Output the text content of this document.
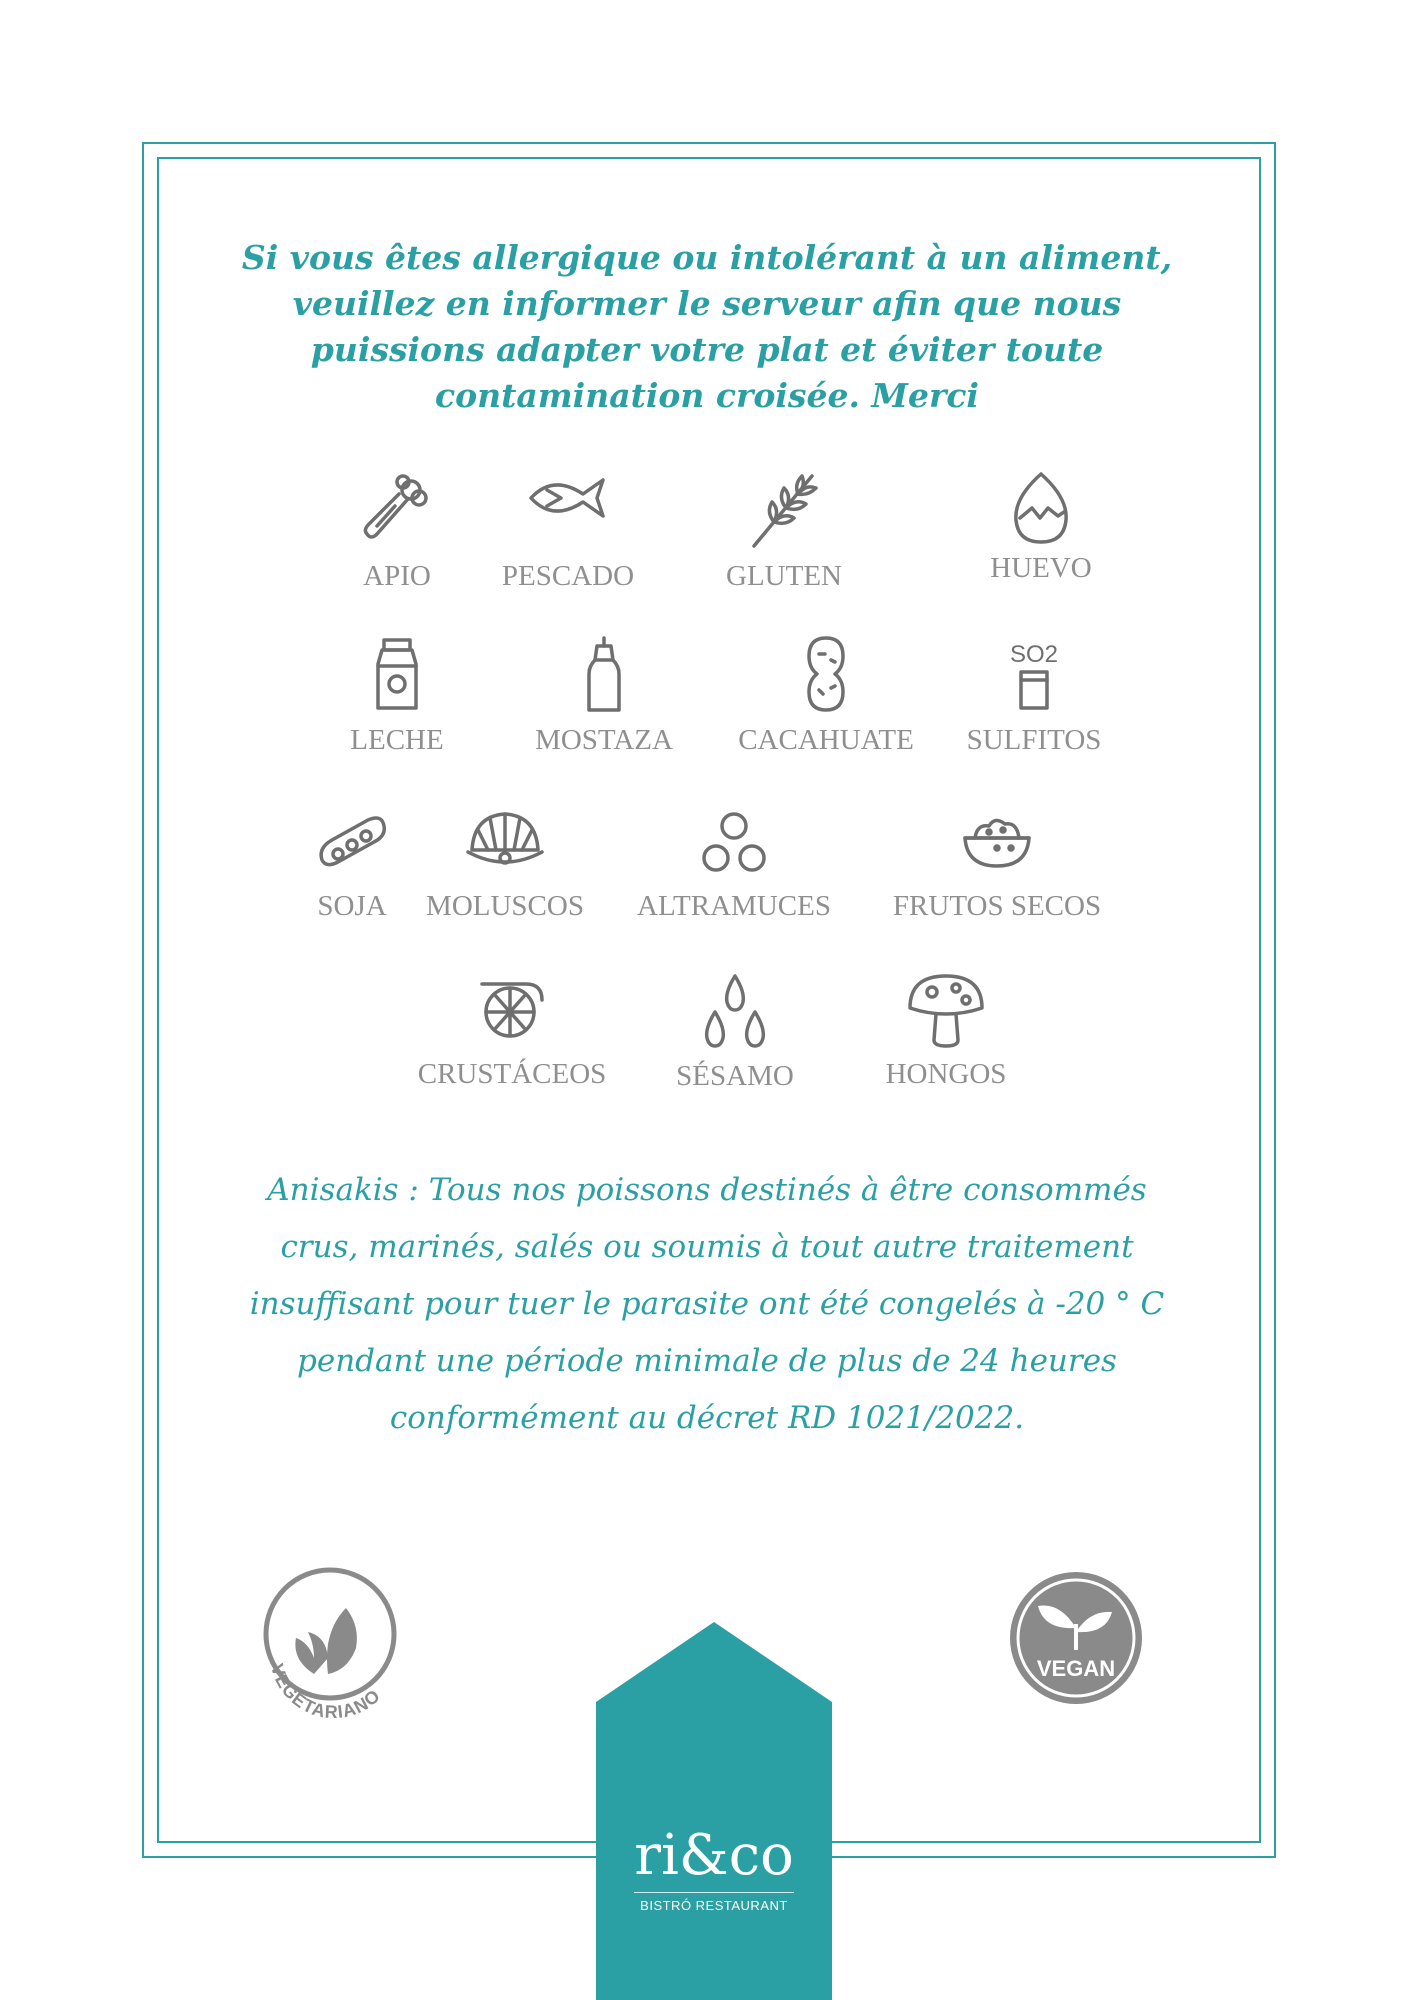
Si vous êtes allergique ou intolérant à un aliment, veuillez en informer le serveur afin que nous puissions adapter votre plat et éviter toute contamination croisée. Merci

APIO PESCADO	GLUTEN	HUEVO
LECHE	MOSTAZA CACAHUATE
SO2
SULFITOS
SOJA MOLUSCOS ALTRAMUCES FRUTOS SECOS
CRUSTÁCEOS SÉSAMO	HONGOS

Anisakis : Tous nos poissons destinés à être consommés crus, marinés, salés ou soumis à tout autre traitement insuffisant pour tuer le parasite ont été congelés à -20 ° C pendant une période minimale de plus de 24 heures conformément au décret RD 1021/2022.

VEGETARIANO
VEGAN
ri&co
BISTRÓ RESTAURANT
